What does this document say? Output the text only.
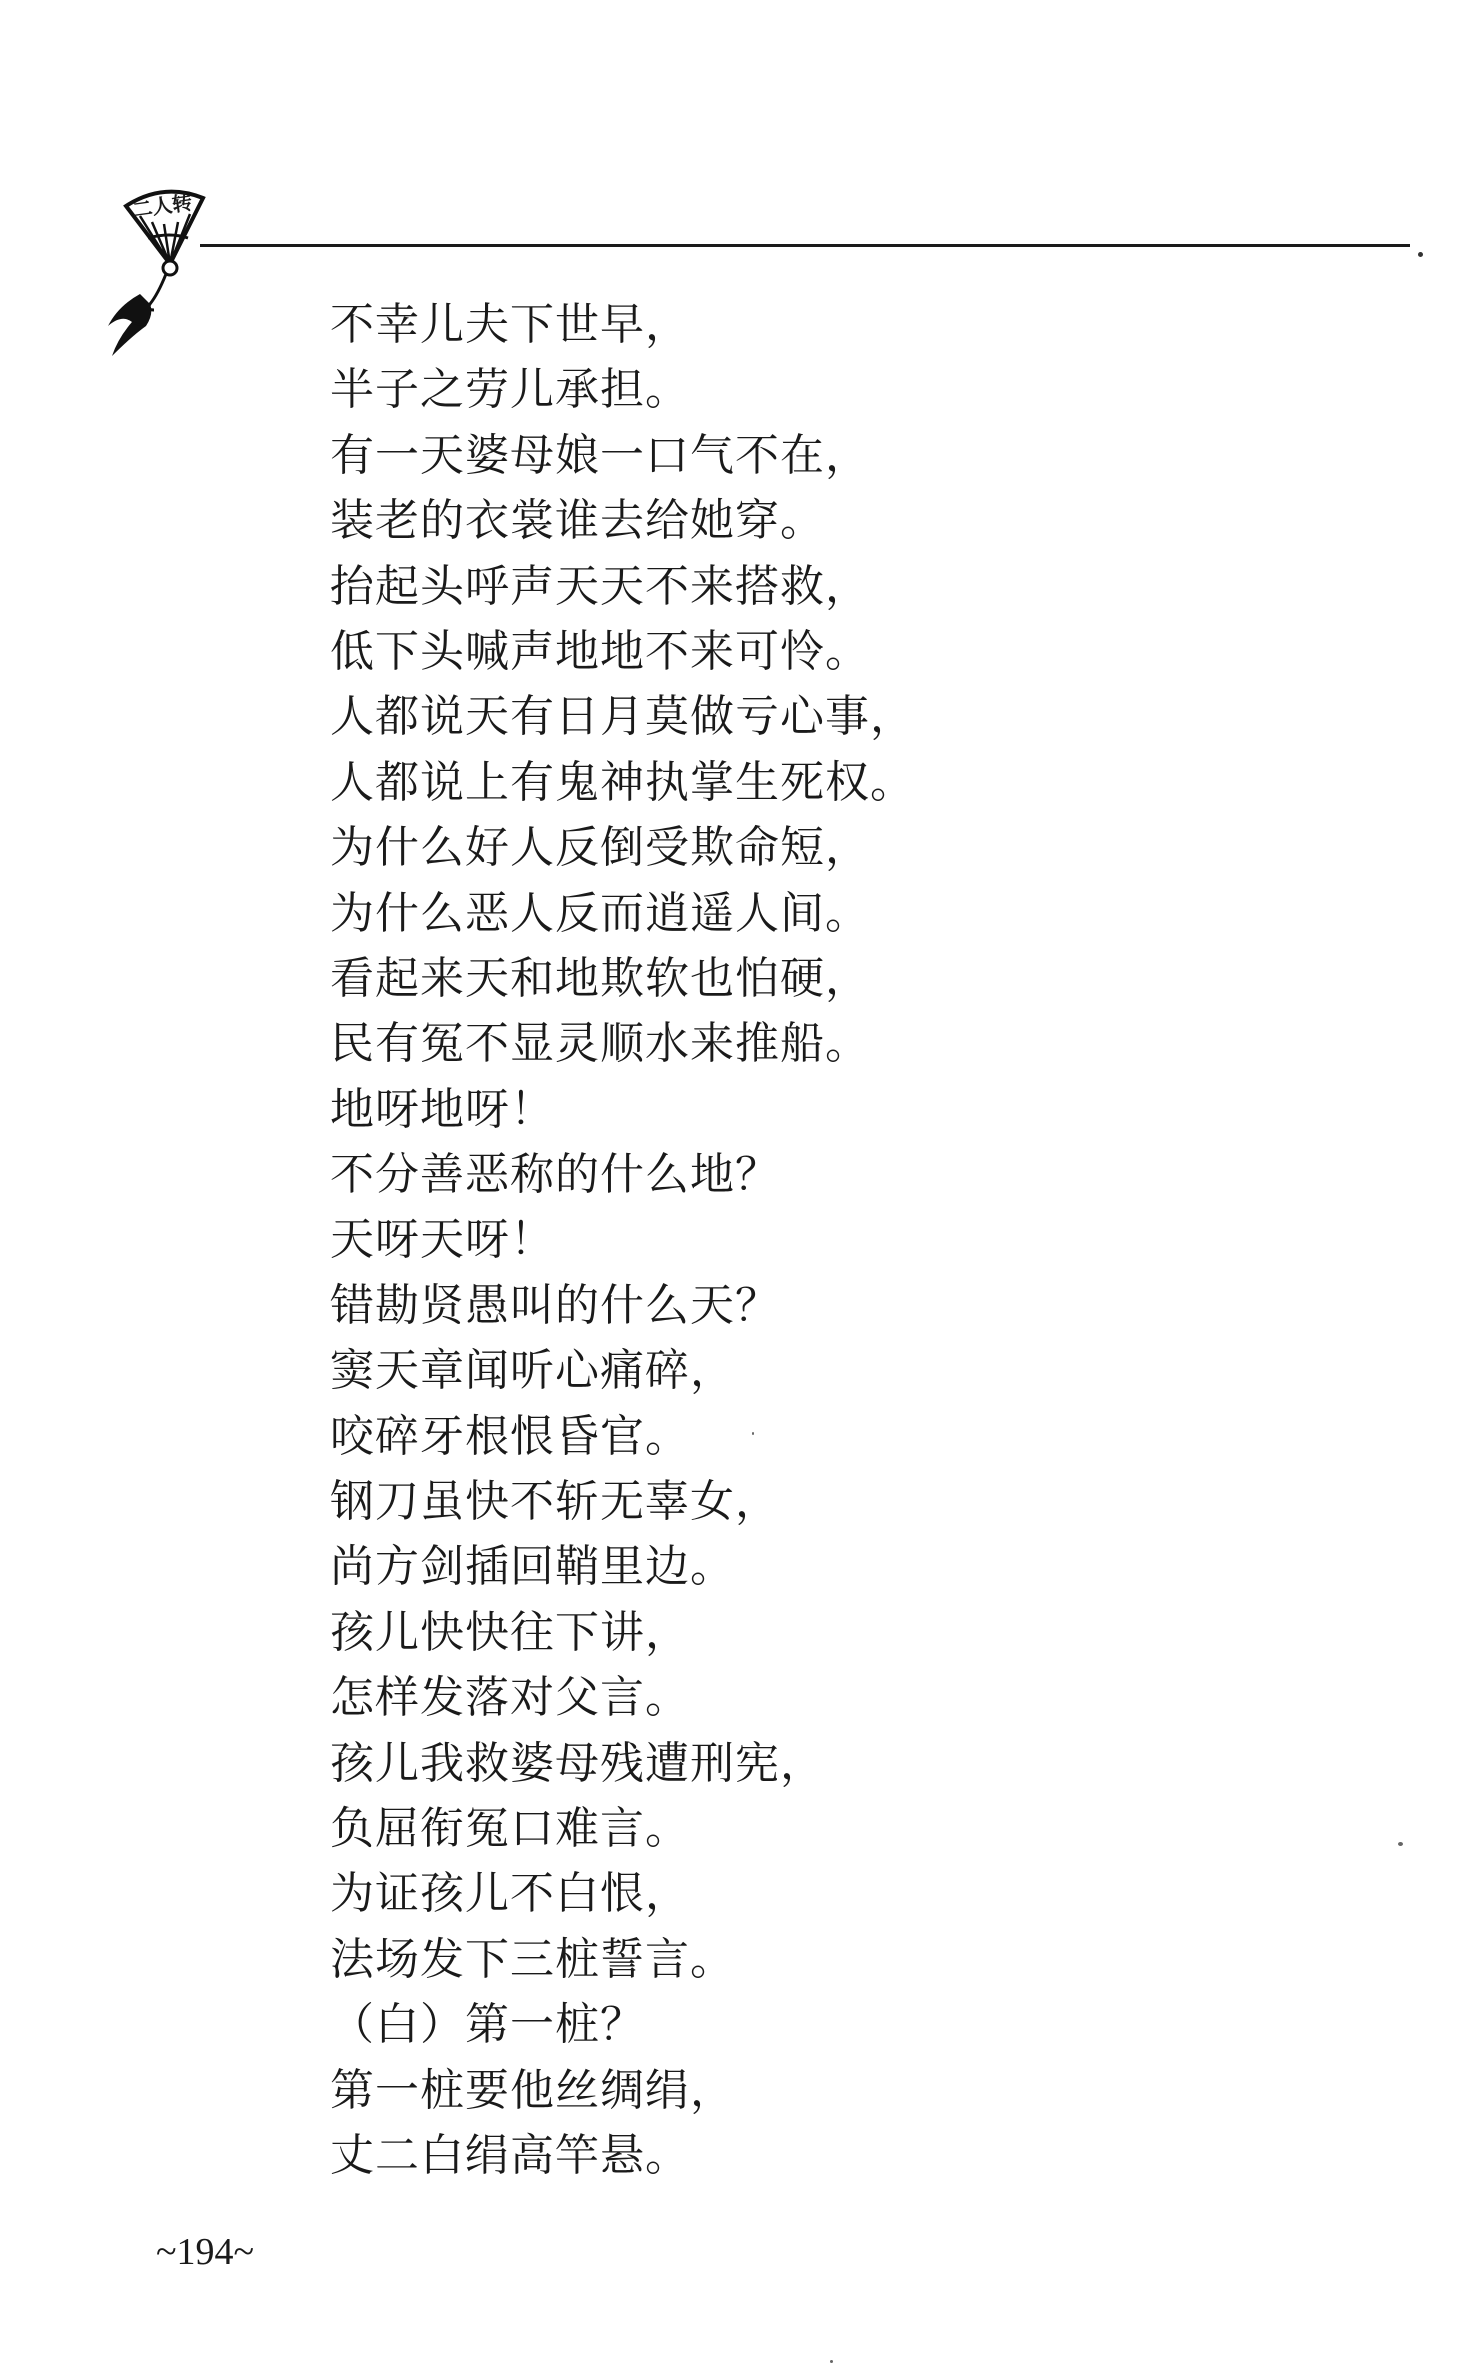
二人转
不幸儿夫下世早，
半子之劳儿承担。
有一天婆母娘一口气不在，
装老的衣裳谁去给她穿。
抬起头呼声天天不来搭救，
低下头喊声地地不来可怜。
人都说天有日月莫做亏心事，
人都说上有鬼神执掌生死权。
为什么好人反倒受欺命短，
为什么恶人反而逍遥人间。
看起来天和地欺软也怕硬，
民有冤不显灵顺水来推船。
地呀地呀！
不分善恶称的什么地？
天呀天呀！
错勘贤愚叫的什么天？
窦天章闻听心痛碎，
咬碎牙根恨昏官。
钢刀虽快不斩无辜女，
尚方剑插回鞘里边。
孩儿快快往下讲，
怎样发落对父言。
孩儿我救婆母残遭刑宪，
负屈衔冤口难言。
为证孩儿不白恨，
法场发下三桩誓言。
（白）第一桩？
第一桩要他丝绸绢，
丈二白绢高竿悬。
~194~
